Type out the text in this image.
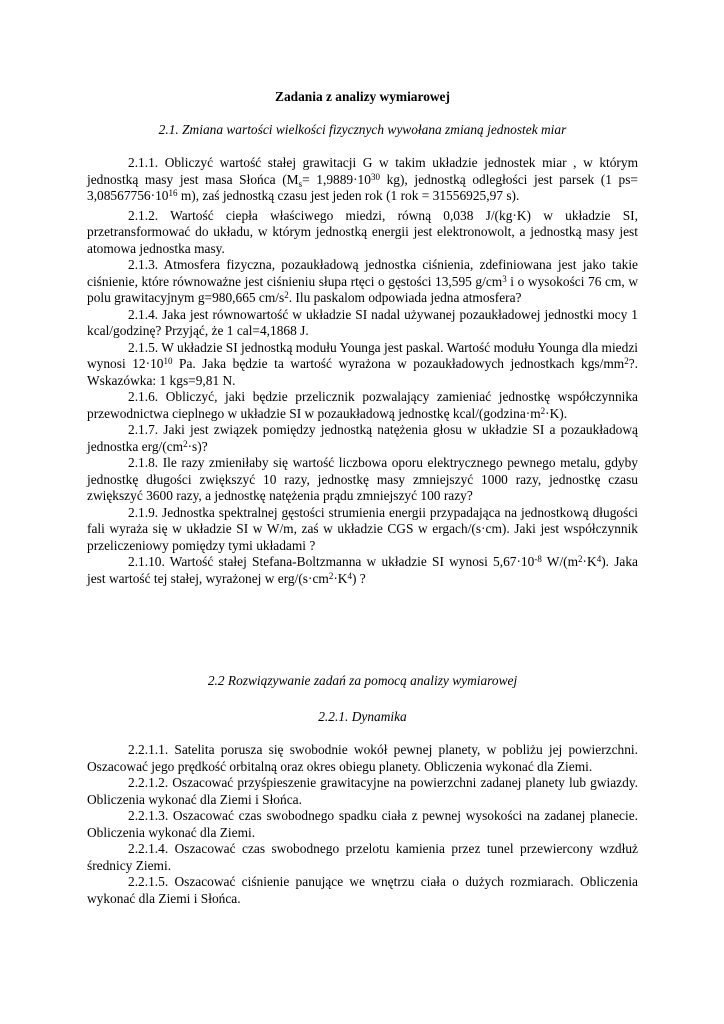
Zadania z analizy wymiarowej
2.1. Zmiana wartości wielkości fizycznych wywołana zmianą jednostek miar

2.1.1. Obliczyć wartość stałej grawitacji G w takim układzie jednostek miar , w którym jednostką masy jest masa Słońca ($M_s= 1,9889\cdot 10^{30}$ kg), jednostką odległości jest parsek (1 $ps= 3,08567756\cdot 10^{16}$ m), zaś jednostką czasu jest jeden rok (1 rok = 31556925,97 s).

2.1.2. Wartość ciepła właściwego miedzi, równą 0,038 J/(kg·K) w układzie SI, przetransformować do układu, w którym jednostką energii jest elektronowolt, a jednostką masy jest atomowa jednostka masy.

2.1.3. Atmosfera fizyczna, pozaukładową jednostka ciśnienia, zdefiniowana jest jako takie ciśnienie, które równoważne jest ciśnieniu słupa rtęci o gęstości 13,595 $g/cm^3$ i o wysokości 76 cm, w polu grawitacyjnym g=980,665 $cm/s^2$. Ilu paskalom odpowiada jedna atmosfera?

2.1.4. Jaka jest równowartość w układzie SI nadal używanej pozaukładowej jednostki mocy 1 kcal/godzinę? Przyjąć, że 1 cal=4,1868 J.

2.1.5. W układzie SI jednostką modułu Younga jest paskal. Wartość modułu Younga dla miedzi wynosi $12\cdot 10^{10}$ Pa. Jaka będzie ta wartość wyrażona w pozaukładowych jednostkach kgs/$mm^2$?. Wskazówka: 1 kgs=9,81 N.

2.1.6. Obliczyć, jaki będzie przelicznik pozwalający zamieniać jednostkę współczynnika przewodnictwa cieplnego w układzie SI w pozaukładową jednostkę kcal/$(godzina\cdot m^2\cdot K)$.

2.1.7. Jaki jest związek pomiędzy jednostką natężenia głosu w układzie SI a pozaukładową jednostka erg/$(cm^2\cdot s)$?

2.1.8. Ile razy zmieniłaby się wartość liczbowa oporu elektrycznego pewnego metalu, gdyby jednostkę długości zwiększyć 10 razy, jednostkę masy zmniejszyć 1000 razy, jednostkę czasu zwiększyć 3600 razy, a jednostkę natężenia prądu zmniejszyć 100 razy?

2.1.9. Jednostka spektralnej gęstości strumienia energii przypadająca na jednostkową długości fali wyraża się w układzie SI w W/m, zaś w układzie CGS w ergach/(s·cm). Jaki jest współczynnik przeliczeniowy pomiędzy tymi układami ?

2.1.10. Wartość stałej Stefana-Boltzmanna w układzie SI wynosi $5,67\cdot 10^{-8}$ $W/(m^2\cdot K^4)$. Jaka jest wartość tej stałej, wyrażonej w erg/$(s\cdot cm^2\cdot K^4)$ ?

2.2 Rozwiązywanie zadań za pomocą analizy wymiarowej
2.2.1. Dynamika

2.2.1.1. Satelita porusza się swobodnie wokół pewnej planety, w pobliżu jej powierzchni. Oszacować jego prędkość orbitalną oraz okres obiegu planety. Obliczenia wykonać dla Ziemi.

2.2.1.2. Oszacować przyśpieszenie grawitacyjne na powierzchni zadanej planety lub gwiazdy. Obliczenia wykonać dla Ziemi i Słońca.

2.2.1.3. Oszacować czas swobodnego spadku ciała z pewnej wysokości na zadanej planecie. Obliczenia wykonać dla Ziemi.

2.2.1.4. Oszacować czas swobodnego przelotu kamienia przez tunel przewiercony wzdłuż średnicy Ziemi.

2.2.1.5. Oszacować ciśnienie panujące we wnętrzu ciała o dużych rozmiarach. Obliczenia wykonać dla Ziemi i Słońca.
